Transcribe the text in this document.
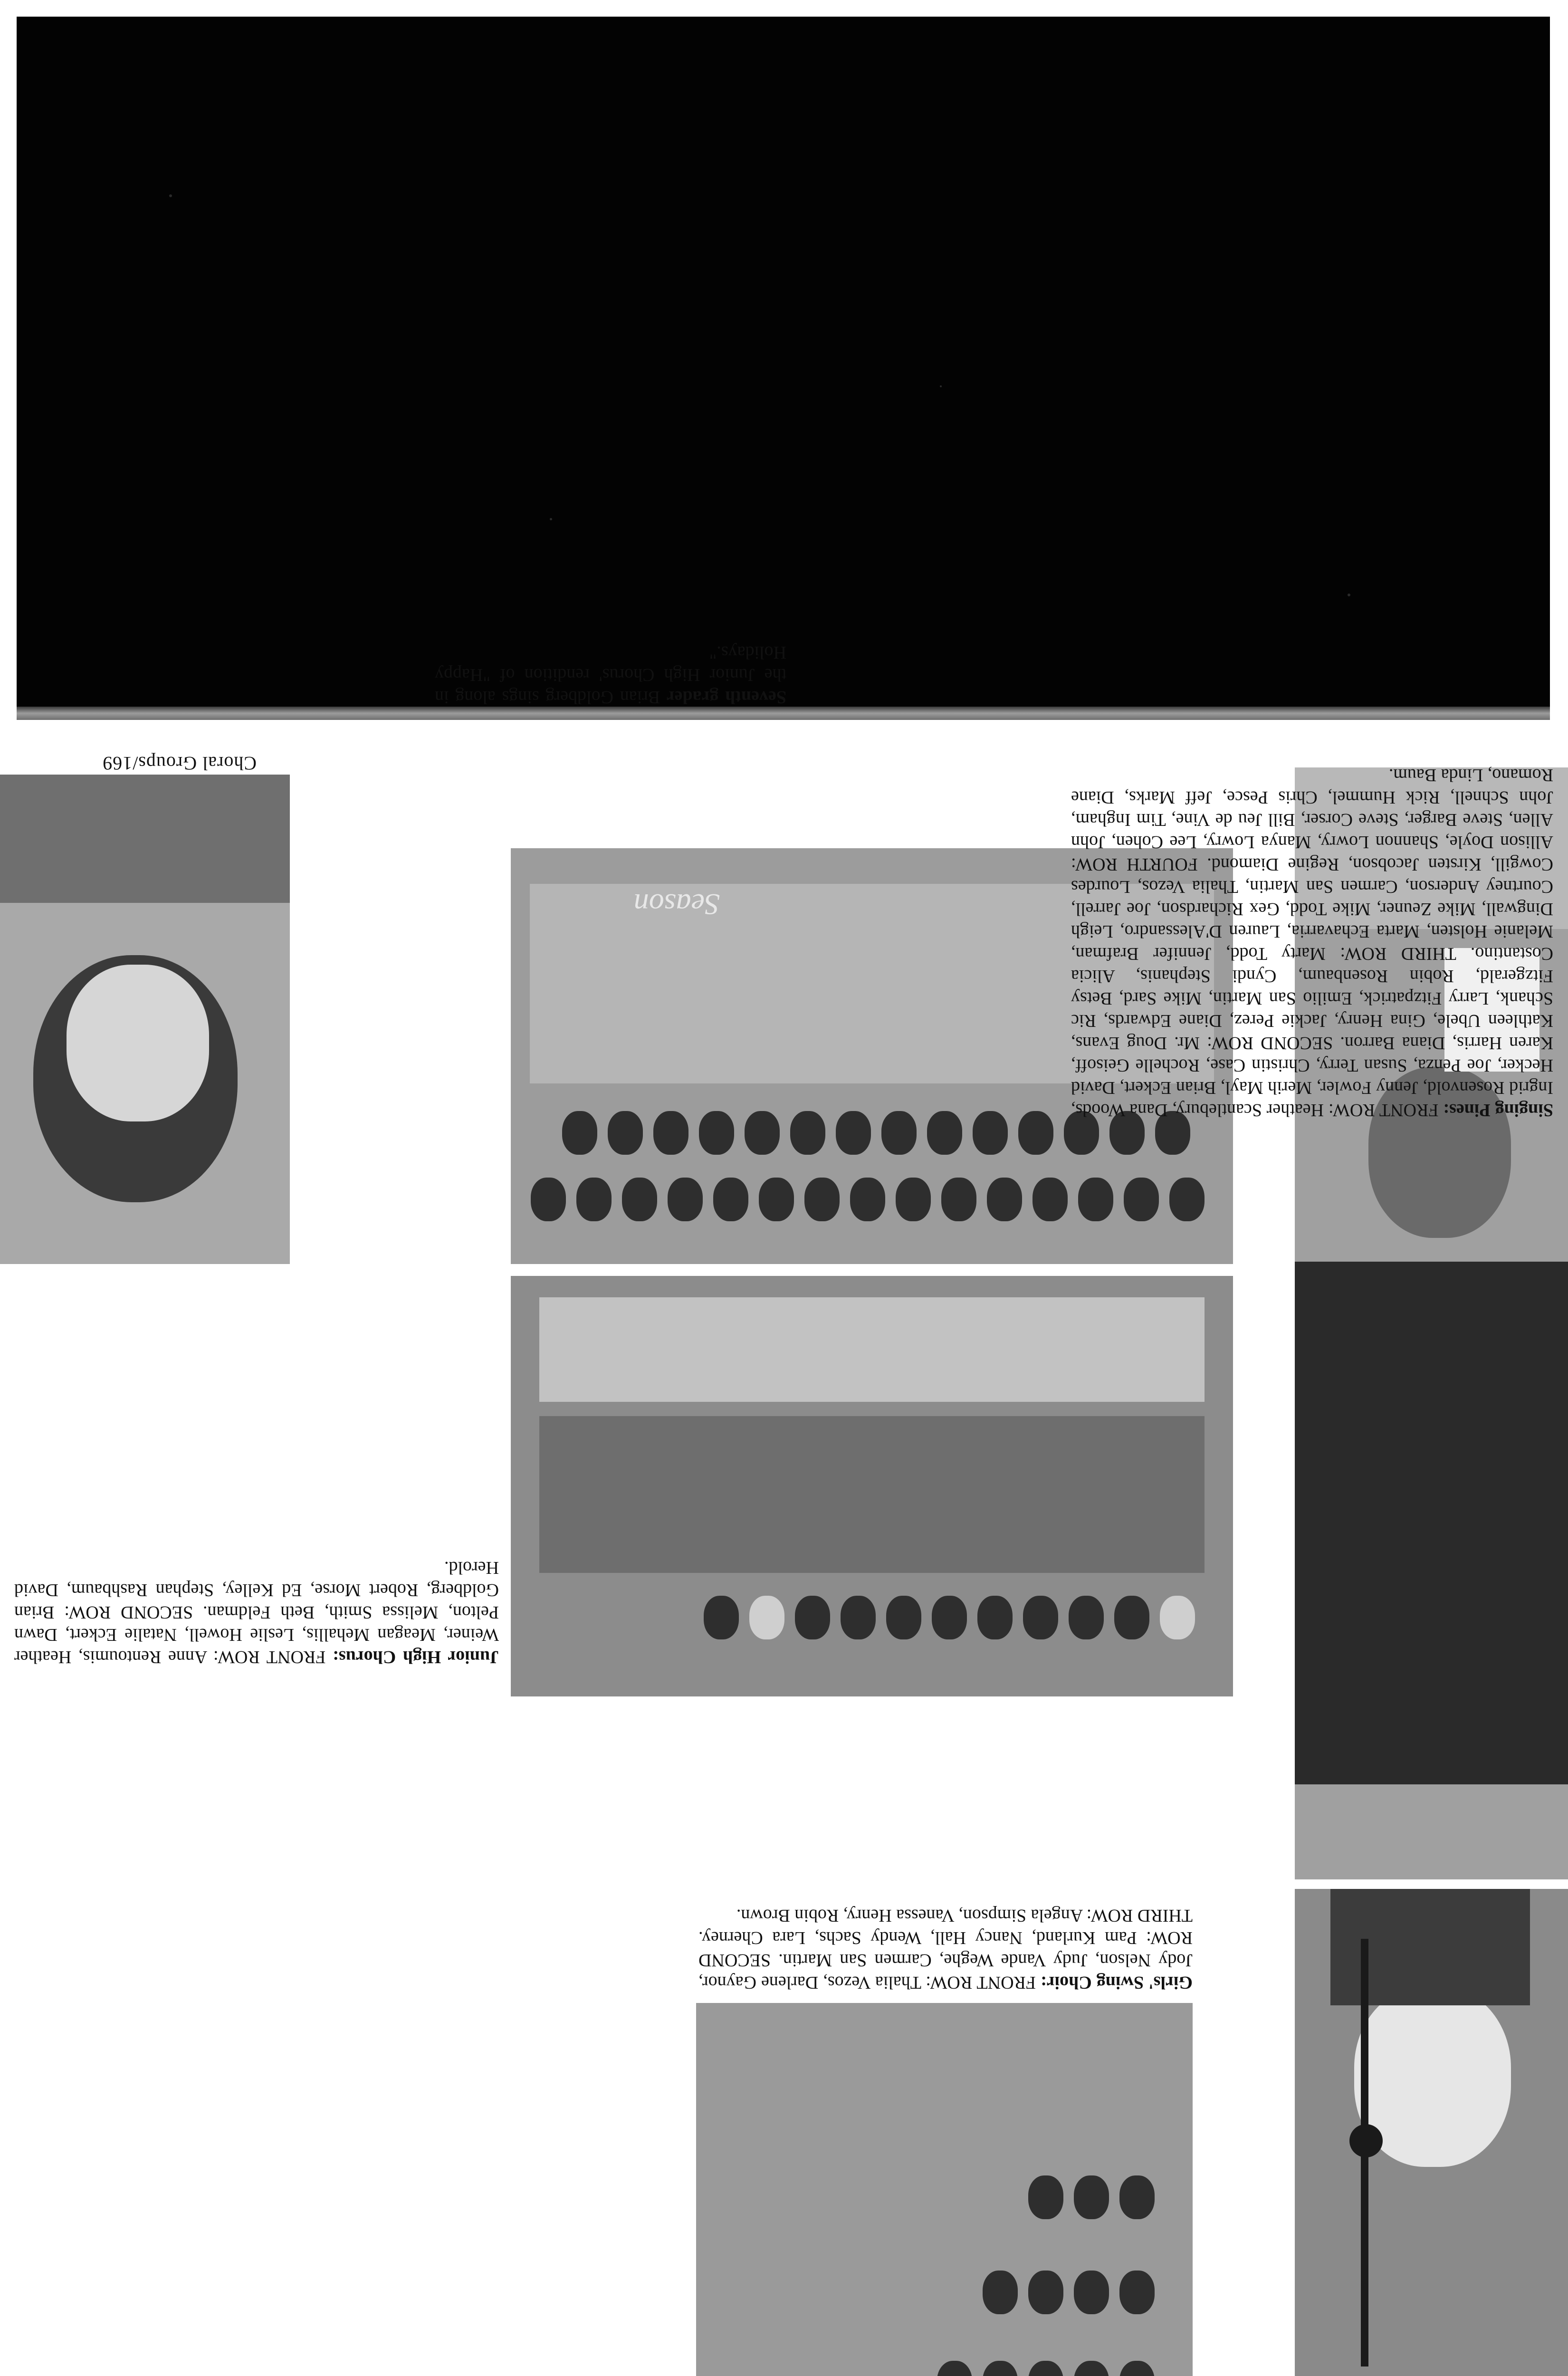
Choral Groups/169
Girls' Swing Choir: FRONT ROW: Thalia Vezos, Darlene Gaynor, Jody Nelson, Judy Vande Weghe, Carmen San Martin. SECOND ROW: Pam Kurland, Nancy Hall, Wendy Sachs, Lara Cherney. THIRD ROW: Angela Simpson, Vanessa Henry, Robin Brown.
Season
Junior High Chorus: FRONT ROW: Anne Rentoumis, Heather Weiner, Meagan Mehallis, Leslie Howell, Natalie Eckert, Dawn Pelton, Melissa Smith, Beth Feldman. SECOND ROW: Brian Goldberg, Robert Morse, Ed Kelley, Stephan Rashbaum, David Herold.
Singing Pines: FRONT ROW: Heather Scantlebury, Dana Woods, Ingrid Rosenvold, Jenny Fowler, Merih Mayl, Brian Eckert, David Hecker, Joe Penza, Susan Terry, Christin Case, Rochelle Geisoff, Karen Harris, Diana Barron. SECOND ROW: Mr. Doug Evans, Kathleen Ubele, Gina Henry, Jackie Perez, Diane Edwards, Ric Schank, Larry Fitzpatrick, Emilio San Martin, Mike Sard, Betsy Fitzgerald, Robin Rosenbaum, Cyndi Stephanis, Alicia Costantino. THIRD ROW: Marty Todd, Jennifer Brafman, Melanie Holsten, Marta Echavarria, Lauren D'Alessandro, Leigh Dingwall, Mike Zeuner, Mike Todd, Gex Richardson, Joe Jarrell, Courtney Anderson, Carmen San Martin, Thalia Vezos, Lourdes Cowgill, Kirsten Jacobson, Regine Diamond. FOURTH ROW: Allison Doyle, Shannon Lowry, Manya Lowry, Lee Cohen, John Allen, Steve Barger, Steve Corser, Bill Jeu de Vine, Tim Ingham, John Schnell, Rick Hummel, Chris Pesce, Jeff Marks, Diane Romano, Linda Baum.
Seventh grader Brian Goldberg sings along in the Junior High Chorus' rendition of "Happy Holidays."
